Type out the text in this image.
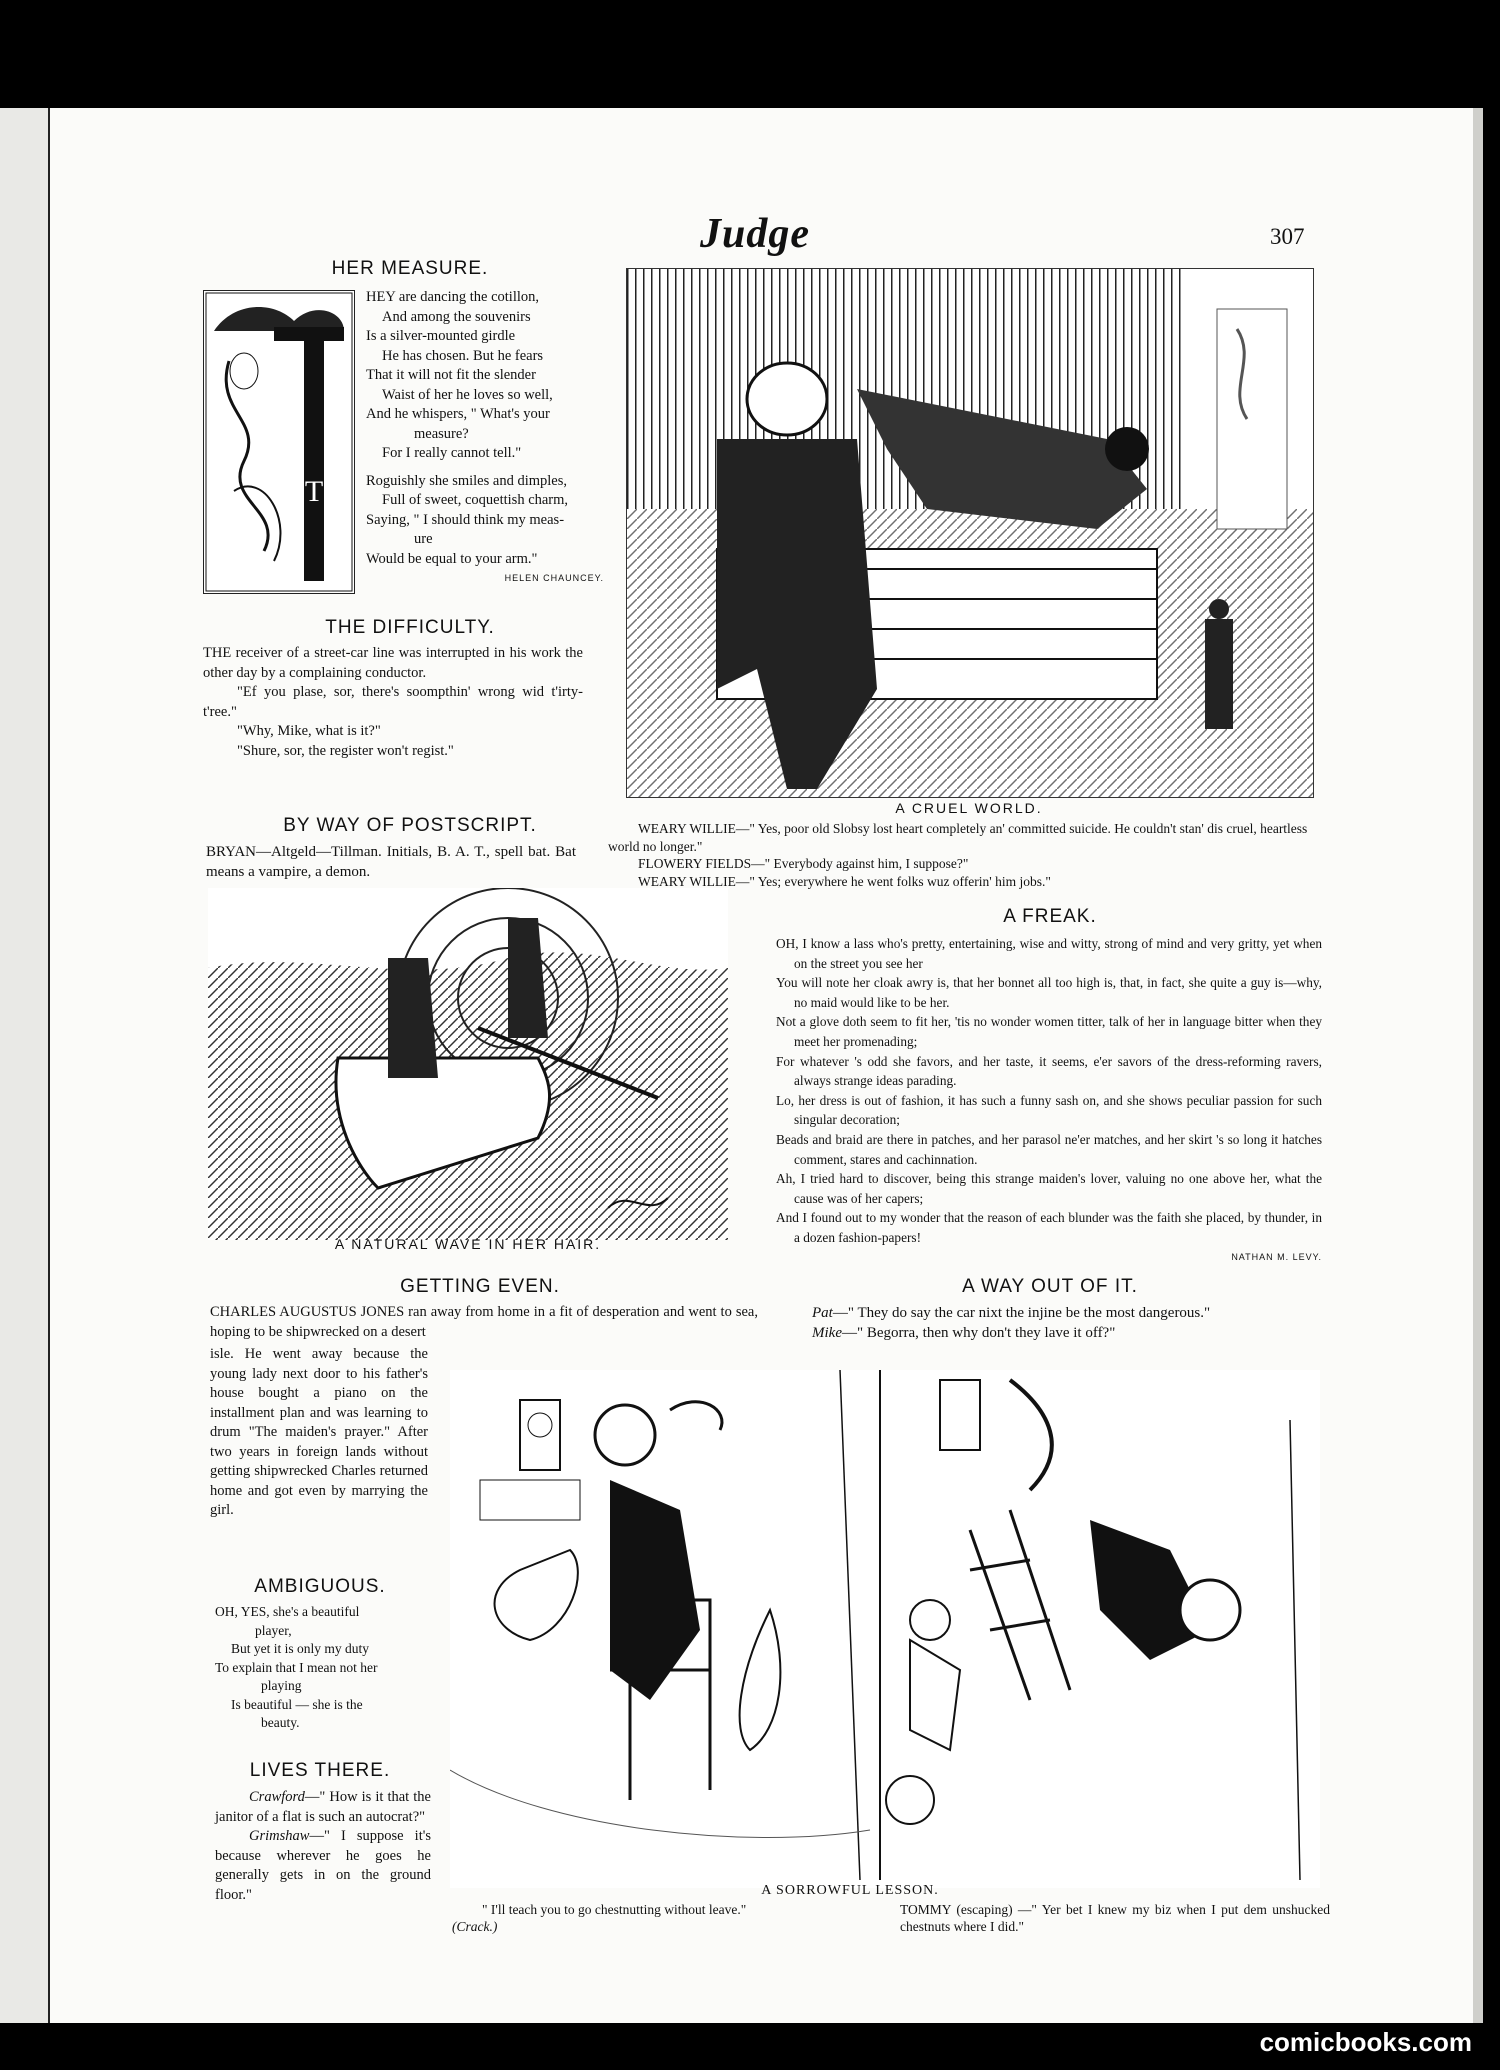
Judge	307
HER MEASURE.
T
HEY are dancing the cotillon,
And among the souvenirs
Is a silver-mounted girdle
He has chosen. But he fears
That it will not fit the slender
Waist of her he loves so well,
And he whispers, " What's your
measure?
For I really cannot tell."
Roguishly she smiles and dimples,
Full of sweet, coquettish charm,
Saying, " I should think my meas-
ure
Would be equal to your arm."
HELEN CHAUNCEY.
THE DIFFICULTY.

THE receiver of a street-car line was interrupted in his work the other day by a complaining conductor.

"Ef you plase, sor, there's soompthin' wrong wid t'irty-t'ree."

"Why, Mike, what is it?"

"Shure, sor, the register won't regist."

BY WAY OF POSTSCRIPT.
BRYAN—Altgeld—Tillman. Initials, B. A. T., spell bat. Bat means a vampire, a demon.
A CRUEL WORLD.
WEARY WILLIE—" Yes, poor old Slobsy lost heart completely an' committed suicide. He couldn't stan' dis cruel, heartless world no longer."
FLOWERY FIELDS—" Everybody against him, I suppose?"
WEARY WILLIE—" Yes; everywhere he went folks wuz offerin' him jobs."
A NATURAL WAVE IN HER HAIR.
A FREAK.
OH, I know a lass who's pretty, entertaining, wise and witty, strong of mind and very gritty, yet when on the street you see her
You will note her cloak awry is, that her bonnet all too high is, that, in fact, she quite a guy is—why, no maid would like to be her.
Not a glove doth seem to fit her, 'tis no wonder women titter, talk of her in language bitter when they meet her promenading;
For whatever 's odd she favors, and her taste, it seems, e'er savors of the dress-reforming ravers, always strange ideas parading.
Lo, her dress is out of fashion, it has such a funny sash on, and she shows peculiar passion for such singular decoration;
Beads and braid are there in patches, and her parasol ne'er matches, and her skirt 's so long it hatches comment, stares and cachinnation.
Ah, I tried hard to discover, being this strange maiden's lover, valuing no one above her, what the cause was of her capers;
And I found out to my wonder that the reason of each blunder was the faith she placed, by thunder, in a dozen fashion-papers!
NATHAN M. LEVY.
GETTING EVEN.
CHARLES AUGUSTUS JONES ran away from home in a fit of desperation and went to sea, hoping to be shipwrecked on a desert
isle. He went away because the young lady next door to his father's house bought a piano on the installment plan and was learning to drum "The maiden's prayer." After two years in foreign lands without getting shipwrecked Charles returned home and got even by marrying the girl.
A WAY OUT OF IT.
Pat—" They do say the car nixt the injine be the most dangerous."
Mike—" Begorra, then why don't they lave it off?"
AMBIGUOUS.
OH, YES, she's a beautiful
player,
But yet it is only my duty
To explain that I mean not her
playing
Is beautiful — she is the
beauty.
LIVES THERE.

Crawford—" How is it that the janitor of a flat is such an autocrat?"

Grimshaw—" I suppose it's because wherever he goes he generally gets in on the ground floor."	A SORROWFUL LESSON.
" I'll teach you to go chestnutting without leave."
(Crack.)
TOMMY (escaping) —" Yer bet I knew my biz when I put dem unshucked chestnuts where I did."
comicbooks.com
